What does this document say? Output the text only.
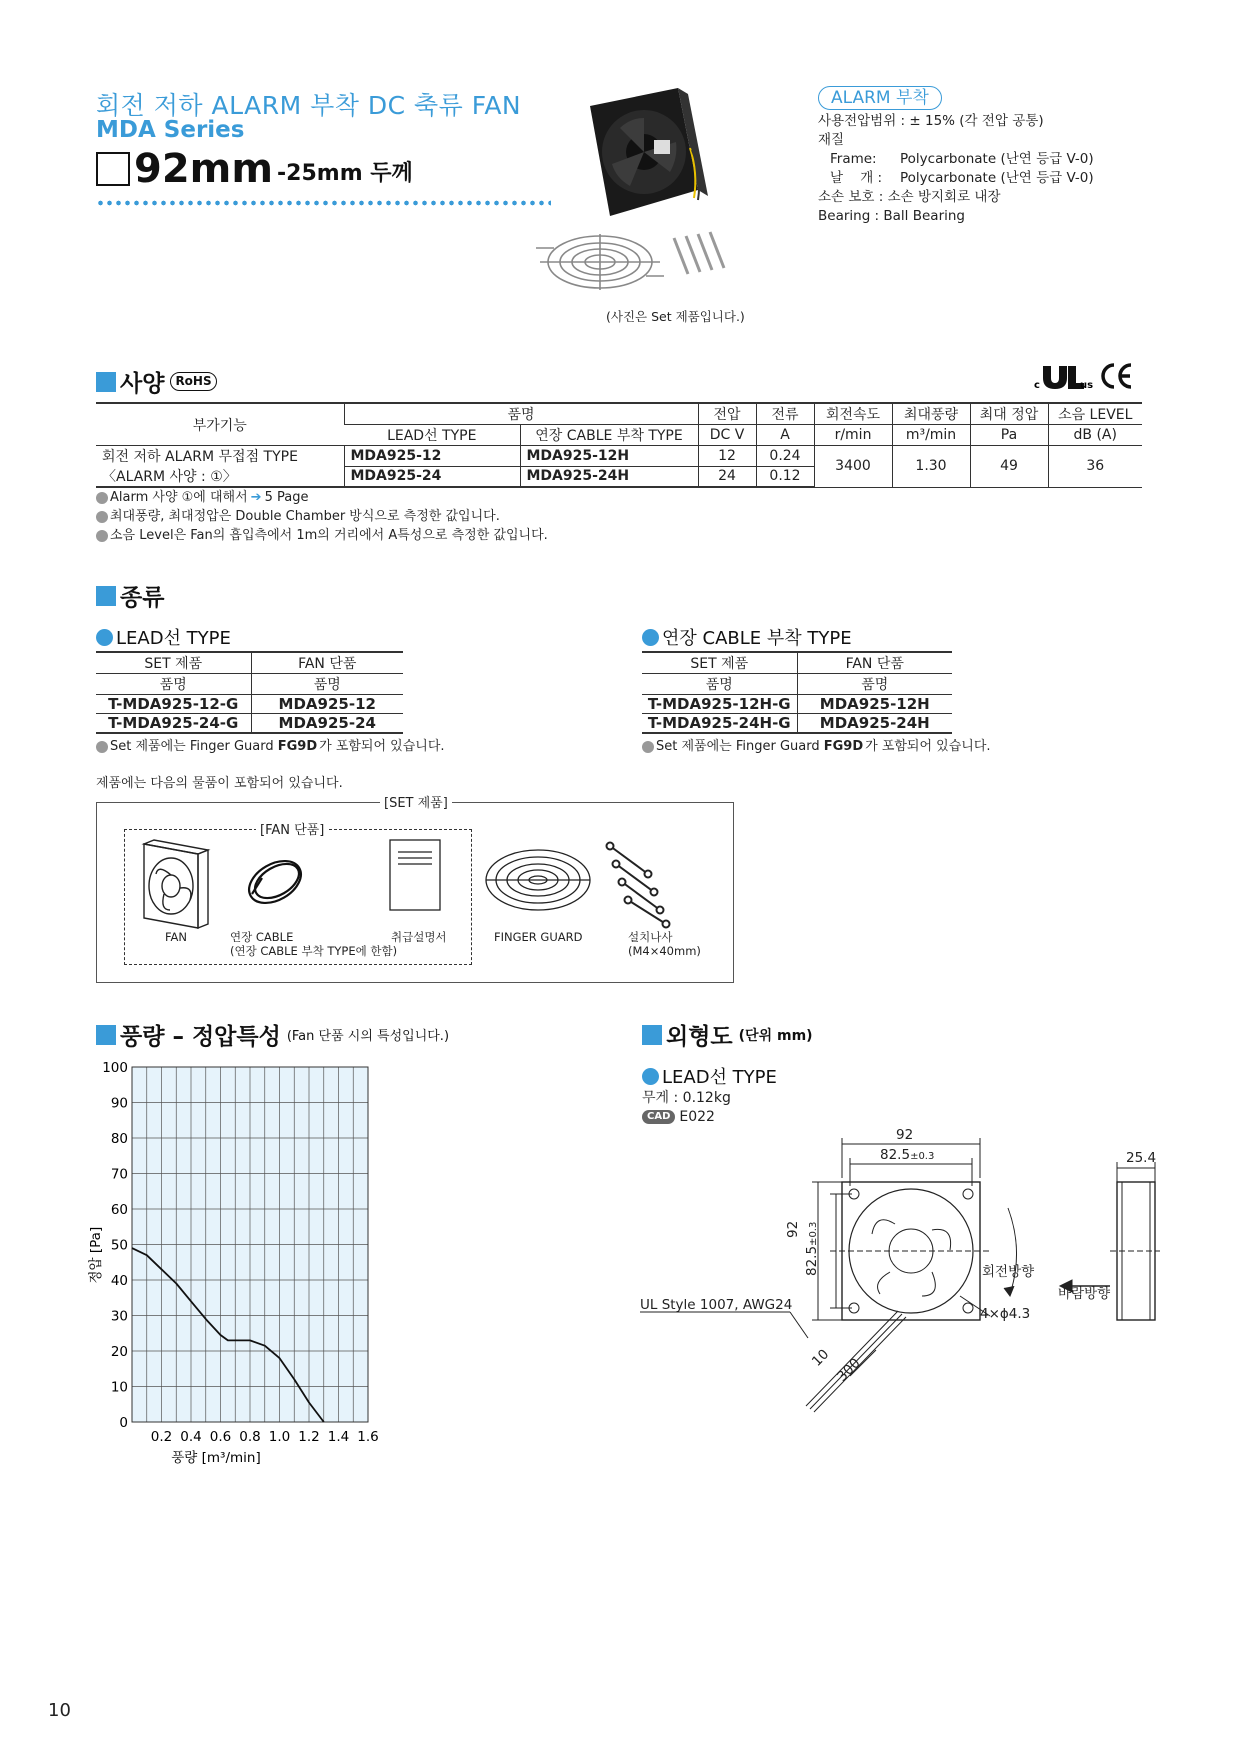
회전 저하 ALARM 부착 DC 축류 FAN
MDA Series
92mm -25mm 두께
(사진은 Set 제품입니다.)
ALARM 부착
사용전압범위 : ± 15% (각 전압 공통)
재질
Frame:	Polycarbonate (난연 등급 V-0)
날    개 :	Polycarbonate (난연 등급 V-0)
소손 보호 : 소손 방지회로 내장
Bearing : Ball Bearing
사양 RoHS	c	us
부가기능	품명		전압	전류	회전속도	최대풍량	최대 정압	소음 LEVEL
	LEAD선 TYPE	연장 CABLE 부착 TYPE	DC V	A	r/min	m³/min	Pa	dB (A)
회전 저하 ALARM 무접점 TYPE	MDA925-12	MDA925-12H	12	0.24	3400	1.30	49	36
〈ALARM 사양 : ①〉	MDA925-24	MDA925-24H	24	0.12				
Alarm 사양 ①에 대해서 ➔ 5 Page
최대풍량, 최대정압은 Double Chamber 방식으로 측정한 값입니다.
소음 Level은 Fan의 흡입측에서 1m의 거리에서 A특성으로 측정한 값입니다.
종류
LEAD선 TYPE
SET 제품	FAN 단품
품명	품명
T-MDA925-12-G	MDA925-12
T-MDA925-24-G	MDA925-24
Set 제품에는 Finger Guard FG9D 가 포함되어 있습니다.
연장 CABLE 부착 TYPE
SET 제품	FAN 단품
품명	품명
T-MDA925-12H-G	MDA925-12H
T-MDA925-24H-G	MDA925-24H
Set 제품에는 Finger Guard FG9D 가 포함되어 있습니다.
제품에는 다음의 물품이 포함되어 있습니다.
[SET 제품]
[FAN 단품]
FAN	연장 CABLE
(연장 CABLE 부착 TYPE에 한함)
취급설명서	FINGER GUARD	설치나사
(M4×40mm)
풍량 – 정압특성 (Fan 단품 시의 특성입니다.)
0
10
20
30
40
50
60
70
80
90
100
0.2 0.4 0.6 0.8 1.0 1.2 1.4 1.6
풍량 [m³/min]
정압 [Pa]
외형도 (단위 mm)
LEAD선 TYPE
무게 : 0.12kg
CAD E022
92
82.5±0.3
92
82.5±0.3
25.4
회전방향
바람방향
4×ϕ4.3
UL Style 1007, AWG24
10 300
10
